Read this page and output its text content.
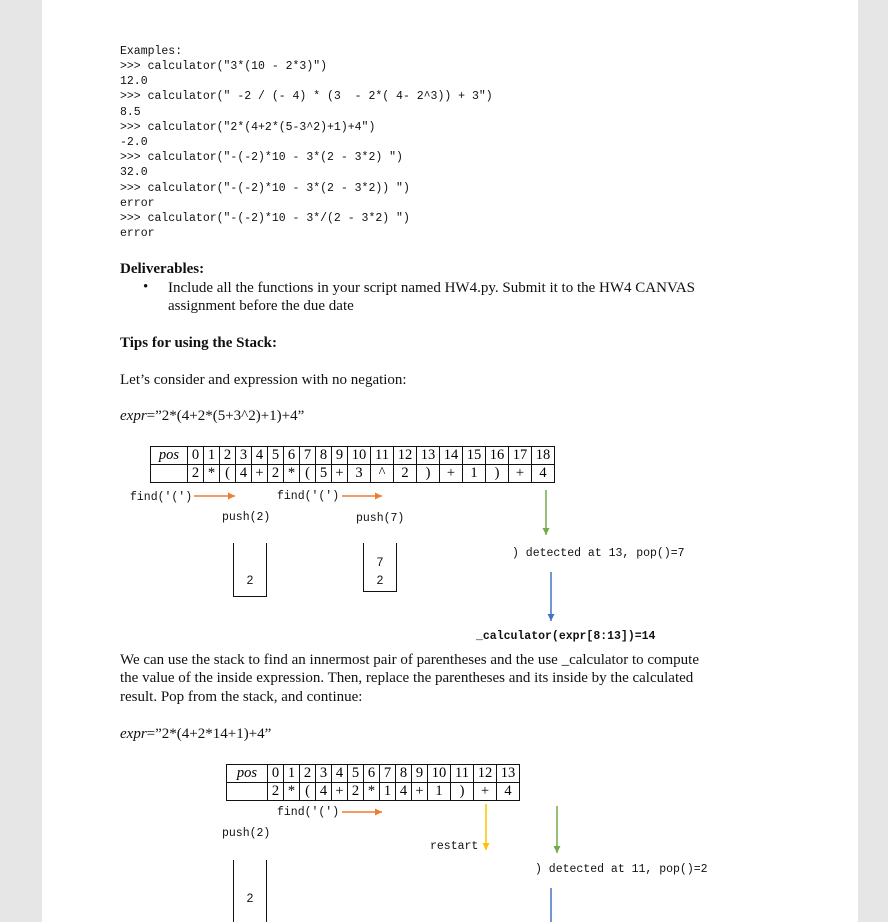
Examples:
>>> calculator("3*(10 - 2*3)")
12.0
>>> calculator(" -2 / (- 4) * (3  - 2*( 4- 2^3)) + 3")
8.5
>>> calculator("2*(4+2*(5-3^2)+1)+4")
-2.0
>>> calculator("-(-2)*10 - 3*(2 - 3*2) ")
32.0
>>> calculator("-(-2)*10 - 3*(2 - 3*2)) ")
error
>>> calculator("-(-2)*10 - 3*/(2 - 3*2) ")
error
Deliverables:
• Include all the functions in your script named HW4.py. Submit it to the HW4 CANVAS
assignment before the due date
Tips for using the Stack:
Let’s consider and expression with no negation:
expr=”2*(4+2*(5+3^2)+1)+4”
pos	0	1	2	3	4	5	6	7	8	9	10	11	12	13	14	15	16	17	18
	2	*	(	4	+	2	*	(	5	+	3	^	2	)	+	1	)	+	4
find('(')	find('(')
push(2)	push(7)
2
7
2
) detected at 13, pop()=7
_calculator(expr[8:13])=14
We can use the stack to find an innermost pair of parentheses and the use _calculator to compute
the value of the inside expression. Then, replace the parentheses and its inside by the calculated
result. Pop from the stack, and continue:
expr=”2*(4+2*14+1)+4”
pos	0	1	2	3	4	5	6	7	8	9	10	11	12	13
	2	*	(	4	+	2	*	1	4	+	1	)	+	4
find('(')
push(2)
restart
) detected at 11, pop()=2
2
